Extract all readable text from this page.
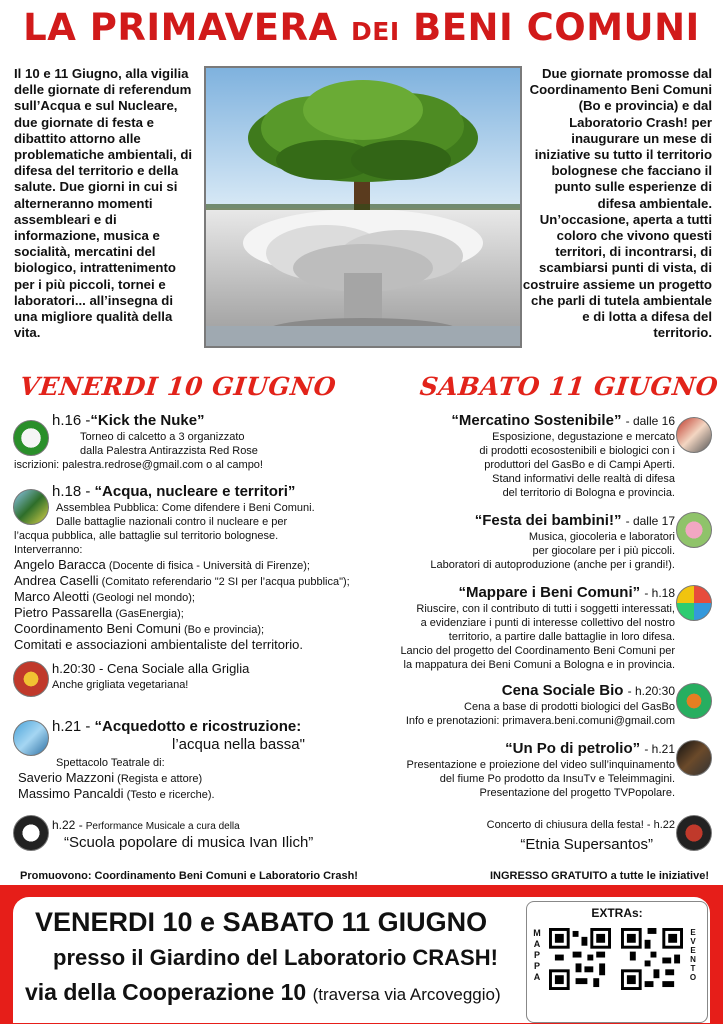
LA PRIMAVERA DEI BENI COMUNI

Il 10 e 11 Giugno, alla vigilia delle giornate di referendum sull’Acqua e sul Nucleare, due giornate di festa e dibattito attorno alle problematiche ambientali, di difesa del territorio e della salute. Due giorni in cui si alterneranno momenti assembleari e di informazione, musica e socialità, mercatini del biologico, intrattenimento per i più piccoli, tornei e laboratori... all’insegna di una migliore qualità della vita.

Due giornate promosse dal Coordinamento Beni Comuni (Bo e provincia) e dal Laboratorio Crash! per inaugurare un mese di iniziative su tutto il territorio bolognese che facciano il punto sulle esperienze di difesa ambientale. Un’occasione, aperta a tutti coloro che vivono questi territori, di incontrarsi, di scambiarsi punti di vista, di costruire assieme un progetto che parli di tutela ambientale e di lotta a difesa del territorio.

VENERDI 10 GIUGNO	SABATO 11 GIUGNO
h.16 -“Kick the Nuke”
Torneo di calcetto a 3 organizzato
dalla Palestra Antirazzista Red Rose
iscrizioni: palestra.redrose@gmail.com o al campo!
h.18 - “Acqua, nucleare e territori”
Assemblea Pubblica: Come difendere i Beni Comuni.
Dalle battaglie nazionali contro il nucleare e per
l’acqua pubblica, alle battaglie sul territorio bolognese.
Interverranno:
Angelo Baracca (Docente di fisica - Università di Firenze);
Andrea Caselli (Comitato referendario "2 SI per l’acqua pubblica");
Marco Aleotti (Geologi nel mondo);
Pietro Passarella (GasEnergia);
Coordinamento Beni Comuni (Bo e provincia);
Comitati e associazioni ambientaliste del territorio.
h.20:30 - Cena Sociale alla Griglia
Anche grigliata vegetariana!
h.21 - “Acquedotto e ricostruzione:
l’acqua nella bassa"
Spettacolo Teatrale di:
Saverio Mazzoni (Regista e attore)
Massimo Pancaldi (Testo e ricerche).
h.22 - Performance Musicale a cura della
“Scuola popolare di musica Ivan Ilich”
“Mercatino Sostenibile” - dalle 16
Esposizione, degustazione e mercato
di prodotti ecosostenibili e biologici con i
produttori del GasBo e di Campi Aperti.
Stand informativi delle realtà di difesa
del territorio di Bologna e provincia.
“Festa dei bambini!” - dalle 17
Musica, giocoleria e laboratori
per giocolare per i più piccoli.
Laboratori di autoproduzione (anche per i grandi!).
“Mappare i Beni Comuni” - h.18
Riuscire, con il contributo di tutti i soggetti interessati,
a evidenziare i punti di interesse collettivo del nostro
territorio, a partire dalle battaglie in loro difesa.
Lancio del progetto del Coordinamento Beni Comuni per
la mappatura dei Beni Comuni a Bologna e in provincia.
Cena Sociale Bio - h.20:30
Cena a base di prodotti biologici del GasBo
Info e prenotazioni: primavera.beni.comuni@gmail.com
“Un Po di petrolio” - h.21
Presentazione e proiezione del video sull’inquinamento
del fiume Po prodotto da InsuTv e Teleimmagini.
Presentazione del progetto TVPopolare.
Concerto di chiusura della festa! - h.22
“Etnia Supersantos”
Promuovono: Coordinamento Beni Comuni e Laboratorio Crash!	INGRESSO GRATUITO a tutte le iniziative!
VENERDI 10 e SABATO 11 GIUGNO
presso il Giardino del Laboratorio CRASH!
via della Cooperazione 10 (traversa via Arcoveggio)
EXTRAs:
MAPPA
EVENTO
